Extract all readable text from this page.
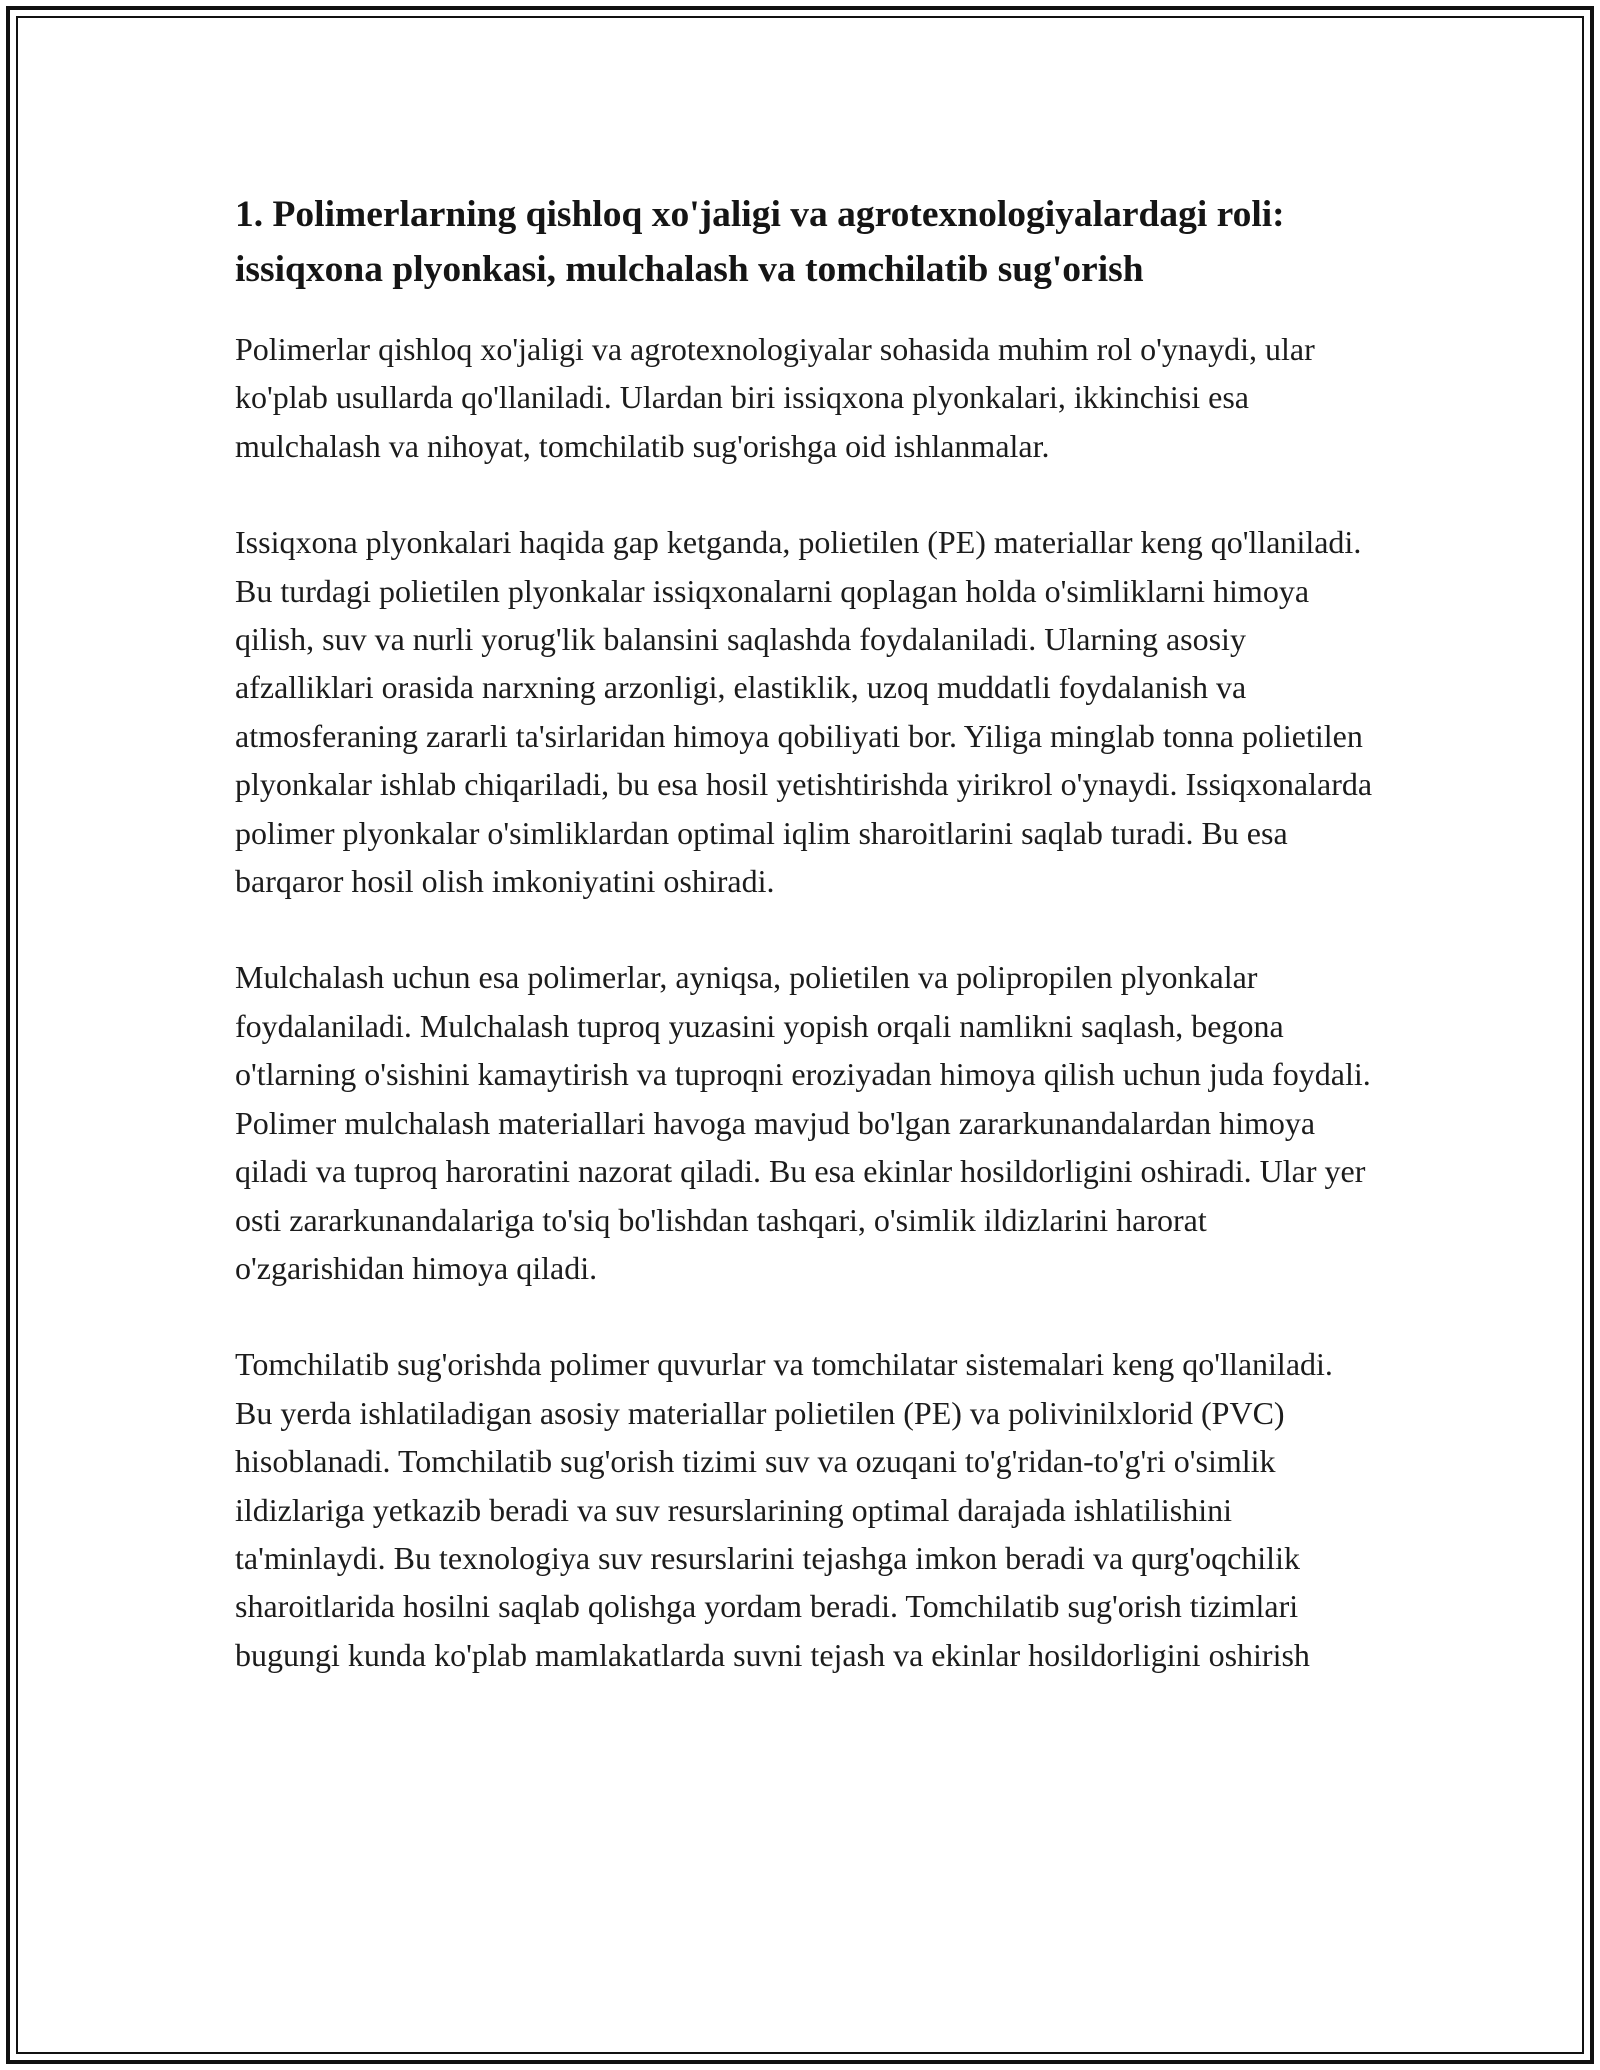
1. Polimerlarning qishloq xo'jaligi va agrotexnologiyalardagi roli: issiqxona plyonkasi, mulchalash va tomchilatib sug'orish

Polimerlar qishloq xo'jaligi va agrotexnologiyalar sohasida muhim rol o'ynaydi, ular ko'plab usullarda qo'llaniladi. Ulardan biri issiqxona plyonkalari, ikkinchisi esa mulchalash va nihoyat, tomchilatib sug'orishga oid ishlanmalar.

Issiqxona plyonkalari haqida gap ketganda, polietilen (PE) materiallar keng qo'llaniladi. Bu turdagi polietilen plyonkalar issiqxonalarni qoplagan holda o'simliklarni himoya qilish, suv va nurli yorug'lik balansini saqlashda foydalaniladi. Ularning asosiy afzalliklari orasida narxning arzonligi, elastiklik, uzoq muddatli foydalanish va atmosferaning zararli ta'sirlaridan himoya qobiliyati bor. Yiliga minglab tonna polietilen plyonkalar ishlab chiqariladi, bu esa hosil yetishtirishda yirikrol o'ynaydi. Issiqxonalarda polimer plyonkalar o'simliklardan optimal iqlim sharoitlarini saqlab turadi. Bu esa barqaror hosil olish imkoniyatini oshiradi.

Mulchalash uchun esa polimerlar, ayniqsa, polietilen va polipropilen plyonkalar foydalaniladi. Mulchalash tuproq yuzasini yopish orqali namlikni saqlash, begona o'tlarning o'sishini kamaytirish va tuproqni eroziyadan himoya qilish uchun juda foydali. Polimer mulchalash materiallari havoga mavjud bo'lgan zararkunandalardan himoya qiladi va tuproq haroratini nazorat qiladi. Bu esa ekinlar hosildorligini oshiradi. Ular yer osti zararkunandalariga to'siq bo'lishdan tashqari, o'simlik ildizlarini harorat o'zgarishidan himoya qiladi.

Tomchilatib sug'orishda polimer quvurlar va tomchilatar sistemalari keng qo'llaniladi. Bu yerda ishlatiladigan asosiy materiallar polietilen (PE) va polivinilxlorid (PVC) hisoblanadi. Tomchilatib sug'orish tizimi suv va ozuqani to'g'ridan-to'g'ri o'simlik ildizlariga yetkazib beradi va suv resurslarining optimal darajada ishlatilishini ta'minlaydi. Bu texnologiya suv resurslarini tejashga imkon beradi va qurg'oqchilik sharoitlarida hosilni saqlab qolishga yordam beradi. Tomchilatib sug'orish tizimlari bugungi kunda ko'plab mamlakatlarda suvni tejash va ekinlar hosildorligini oshirish
